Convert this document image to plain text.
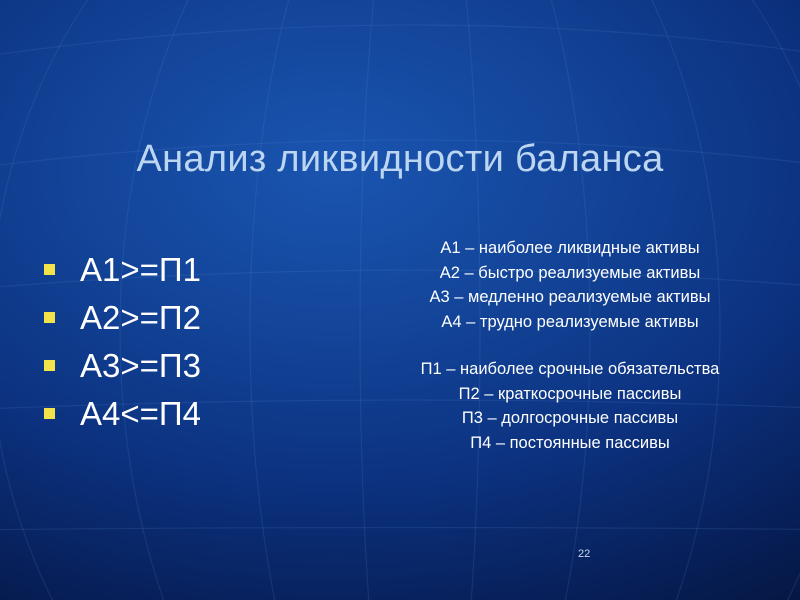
Анализ ликвидности баланса
А1>=П1
А2>=П2
А3>=П3
А4<=П4
А1 – наиболее ликвидные активы
А2 – быстро реализуемые активы
А3 – медленно реализуемые активы
А4 – трудно реализуемые активы
П1 – наиболее срочные обязательства
П2 – краткосрочные пассивы
П3 – долгосрочные пассивы
П4 – постоянные пассивы
22
